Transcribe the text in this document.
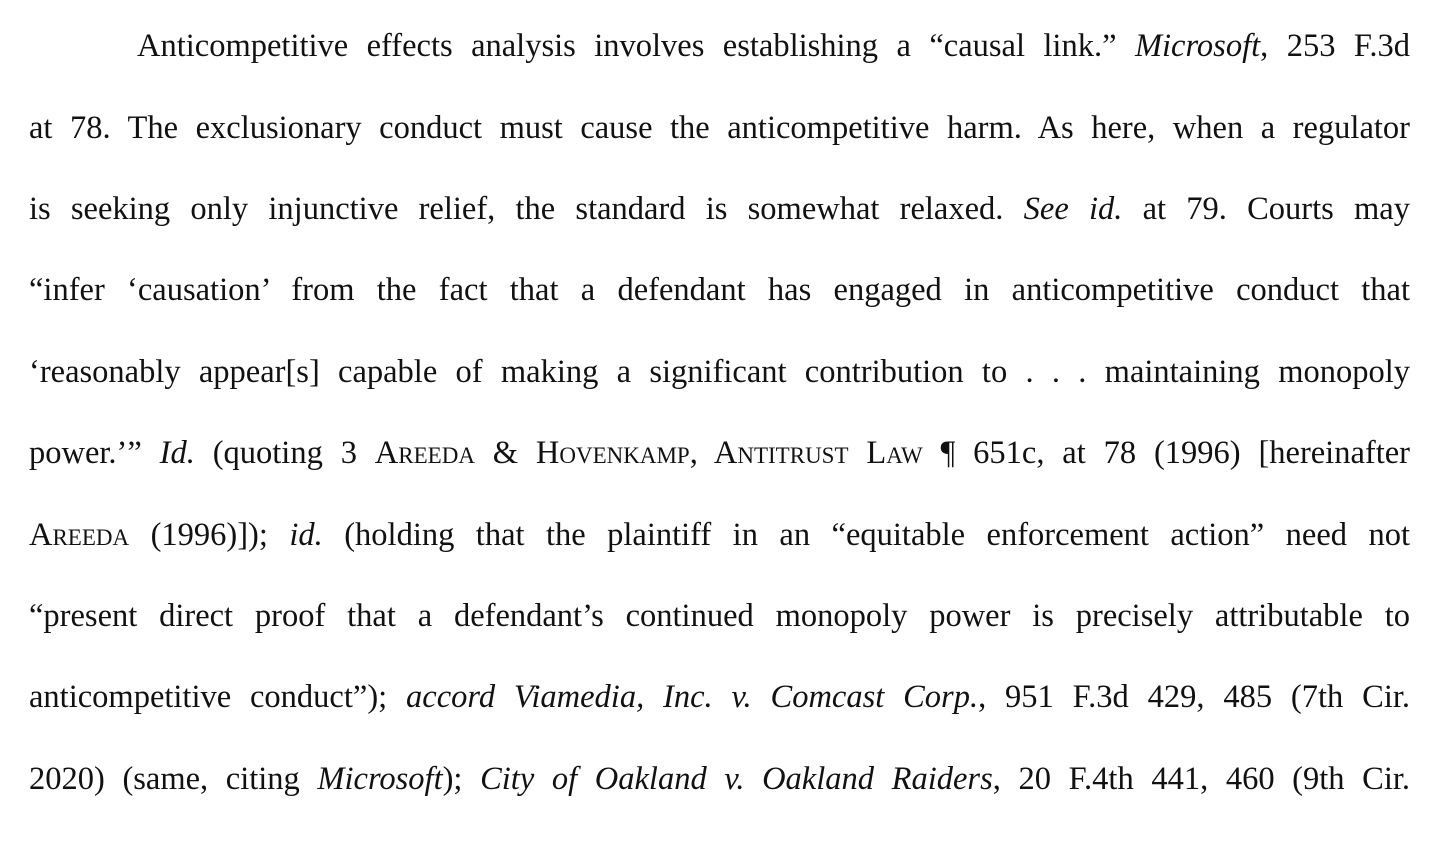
Anticompetitive effects analysis involves establishing a “causal link.” Microsoft, 253 F.3d
at 78. The exclusionary conduct must cause the anticompetitive harm. As here, when a regulator
is seeking only injunctive relief, the standard is somewhat relaxed. See id. at 79. Courts may
“infer ‘causation’ from the fact that a defendant has engaged in anticompetitive conduct that
‘reasonably appear[s] capable of making a significant contribution to . . . maintaining monopoly
power.’” Id. (quoting 3 Areeda & Hovenkamp, Antitrust Law ¶ 651c, at 78 (1996) [hereinafter
Areeda (1996)]); id. (holding that the plaintiff in an “equitable enforcement action” need not
“present direct proof that a defendant’s continued monopoly power is precisely attributable to
anticompetitive conduct”); accord Viamedia, Inc. v. Comcast Corp., 951 F.3d 429, 485 (7th Cir.
2020) (same, citing Microsoft); City of Oakland v. Oakland Raiders, 20 F.4th 441, 460 (9th Cir.
